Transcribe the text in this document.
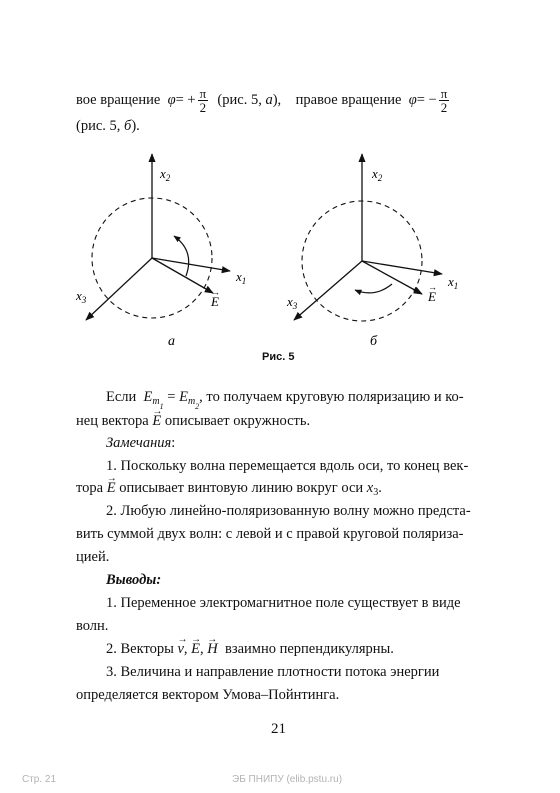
вое вращение $\varphi= + \frac{\pi}{2} (рис$. 5, а), правое вращение $\varphi= - \frac{\pi}{2}$
(рис. 5, б).
$x_2$
$x_1$
$x_3$	E
→
а
$x_2$
$x_1$
$x_3$
E
→
б
Рис. 5
Если $E_{m_1} = E_{m_2}$, то получаем круговую поляризацию и ко-
нец вектора → E описывает окружность.
Замечания:
1. Поскольку волна перемещается вдоль оси, то конец век-
тора → E описывает винтовую линию вокруг оси $x_3$.
2. Любую линейно-поляризованную волну можно предста-
вить суммой двух волн: с левой и с правой круговой поляриза-
цией.
Выводы:
1. Переменное электромагнитное поле существует в виде
волн.
2. Векторы → v, → E, → H взаимно перпендикулярны.
3. Величина и направление плотности потока энергии
определяется вектором Умова–Пойнтинга.
21
Стр. 21	ЭБ ПНИПУ (elib.pstu.ru)
